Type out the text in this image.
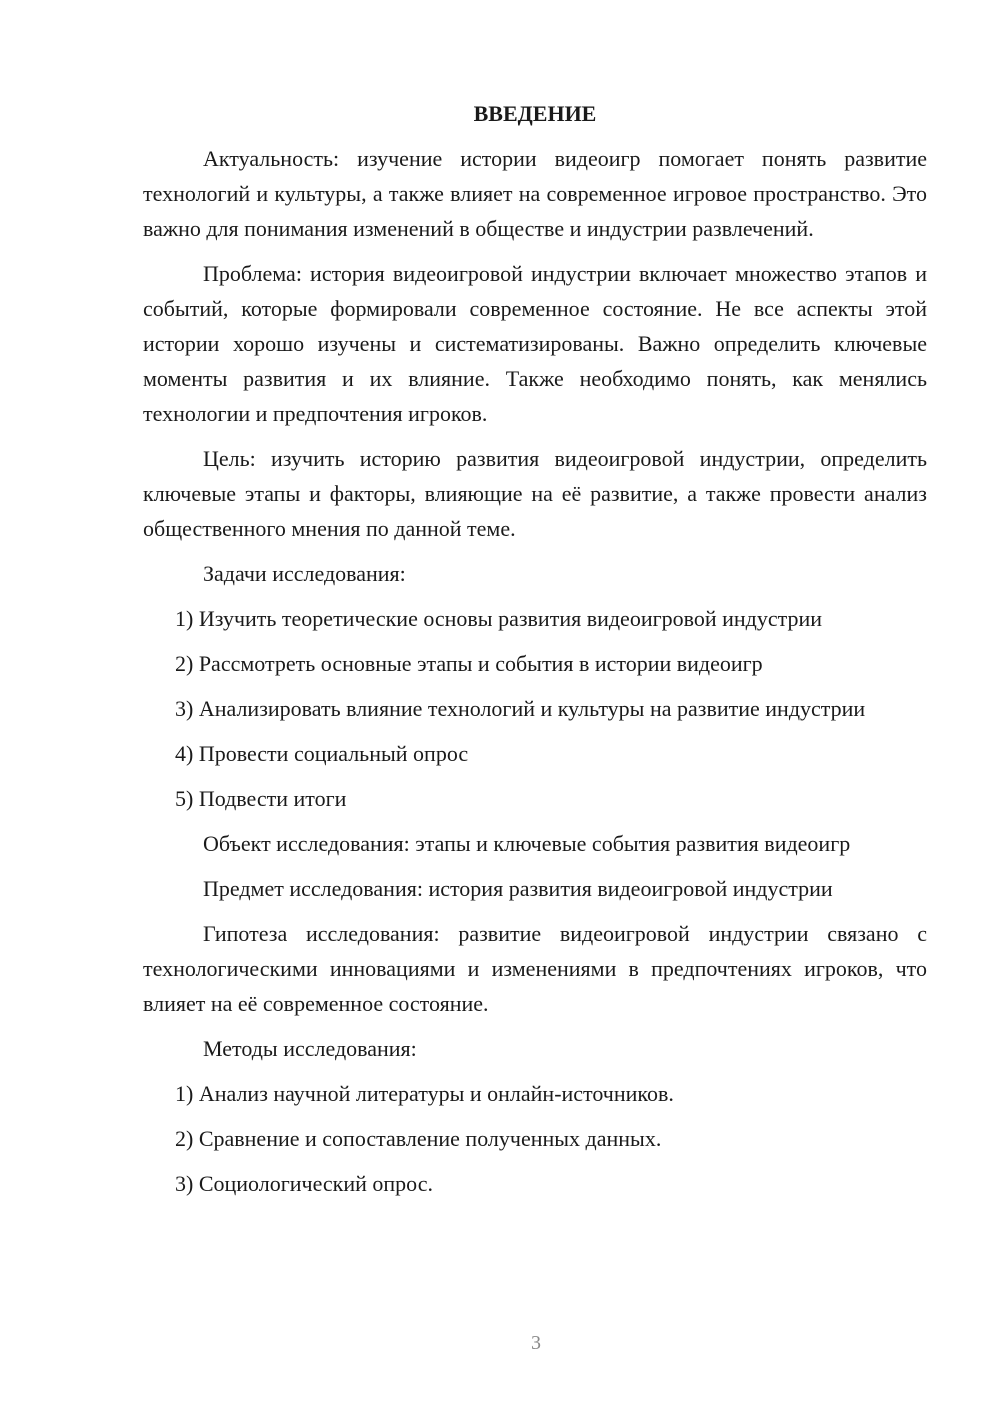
ВВЕДЕНИЕ

Актуальность: изучение истории видеоигр помогает понять развитие технологий и культуры, а также влияет на современное игровое пространство. Это важно для понимания изменений в обществе и индустрии развлечений.

Проблема: история видеоигровой индустрии включает множество этапов и событий, которые формировали современное состояние. Не все аспекты этой истории хорошо изучены и систематизированы. Важно определить ключевые моменты развития и их влияние. Также необходимо понять, как менялись технологии и предпочтения игроков.

Цель: изучить историю развития видеоигровой индустрии, определить ключевые этапы и факторы, влияющие на её развитие, а также провести анализ общественного мнения по данной теме.

Задачи исследования:

1) Изучить теоретические основы развития видеоигровой индустрии

2) Рассмотреть основные этапы и события в истории видеоигр

3) Анализировать влияние технологий и культуры на развитие индустрии

4) Провести социальный опрос

5) Подвести итоги

Объект исследования: этапы и ключевые события развития видеоигр

Предмет исследования: история развития видеоигровой индустрии

Гипотеза исследования: развитие видеоигровой индустрии связано с технологическими инновациями и изменениями в предпочтениях игроков, что влияет на её современное состояние.

Методы исследования:

1) Анализ научной литературы и онлайн-источников.

2) Сравнение и сопоставление полученных данных.

3) Социологический опрос.

3
